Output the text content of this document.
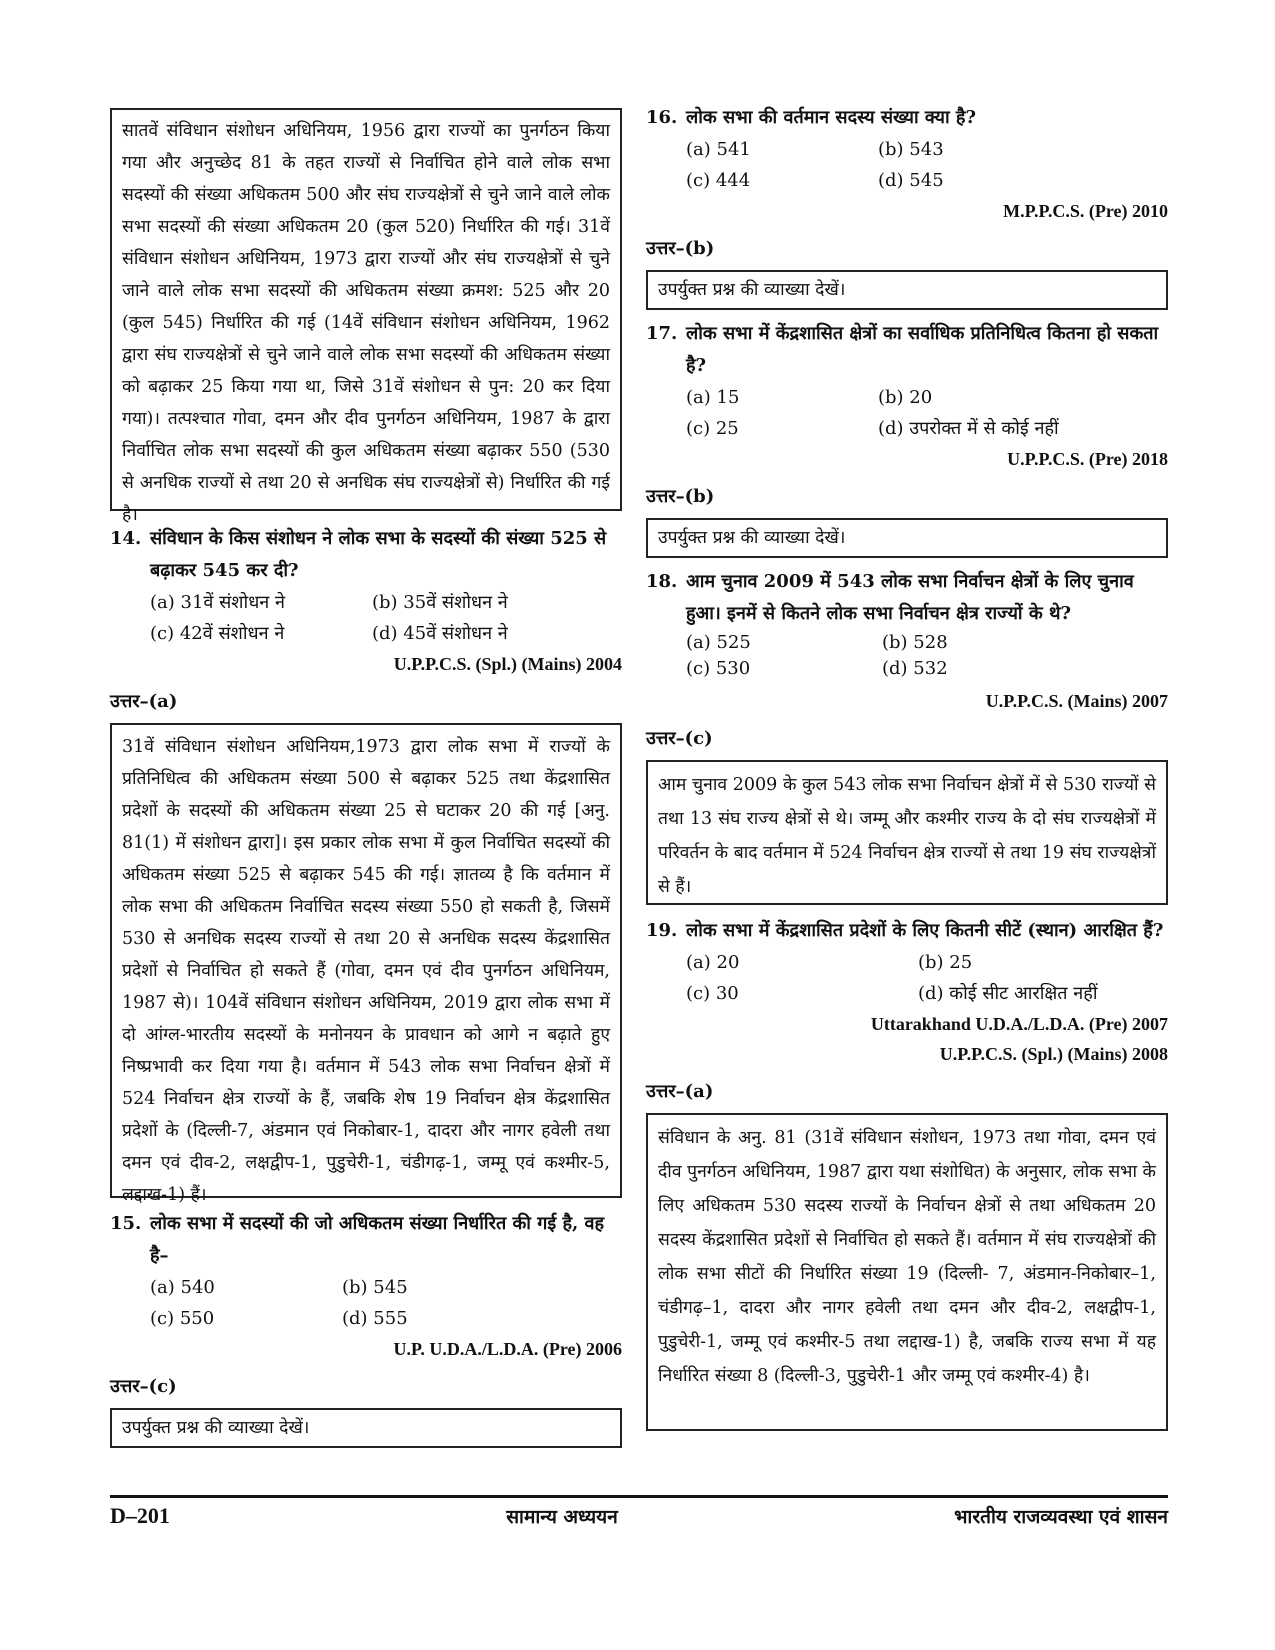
सातवें संविधान संशोधन अधिनियम, 1956 द्वारा राज्यों का पुनर्गठन किया गया और अनुच्छेद 81 के तहत राज्यों से निर्वाचित होने वाले लोक सभा सदस्यों की संख्या अधिकतम 500 और संघ राज्यक्षेत्रों से चुने जाने वाले लोक सभा सदस्यों की संख्या अधिकतम 20 (कुल 520) निर्धारित की गई। 31वें संविधान संशोधन अधिनियम, 1973 द्वारा राज्यों और संघ राज्यक्षेत्रों से चुने जाने वाले लोक सभा सदस्यों की अधिकतम संख्या क्रमश: 525 और 20 (कुल 545) निर्धारित की गई (14वें संविधान संशोधन अधिनियम, 1962 द्वारा संघ राज्यक्षेत्रों से चुने जाने वाले लोक सभा सदस्यों की अधिकतम संख्या को बढ़ाकर 25 किया गया था, जिसे 31वें संशोधन से पुन: 20 कर दिया गया)। तत्पश्चात गोवा, दमन और दीव पुनर्गठन अधिनियम, 1987 के द्वारा निर्वाचित लोक सभा सदस्यों की कुल अधिकतम संख्या बढ़ाकर 550 (530 से अनधिक राज्यों से तथा 20 से अनधिक संघ राज्यक्षेत्रों से) निर्धारित की गई है।
14. संविधान के किस संशोधन ने लोक सभा के सदस्यों की संख्या 525 से बढ़ाकर 545 कर दी?
(a) 31वें संशोधन ने	(b) 35वें संशोधन ने
(c) 42वें संशोधन ने	(d) 45वें संशोधन ने
U.P.P.C.S. (Spl.) (Mains) 2004
उत्तर–(a)
31वें संविधान संशोधन अधिनियम,1973 द्वारा लोक सभा में राज्यों के प्रतिनिधित्व की अधिकतम संख्या 500 से बढ़ाकर 525 तथा केंद्रशासित प्रदेशों के सदस्यों की अधिकतम संख्या 25 से घटाकर 20 की गई [अनु. 81(1) में संशोधन द्वारा]। इस प्रकार लोक सभा में कुल निर्वाचित सदस्यों की अधिकतम संख्या 525 से बढ़ाकर 545 की गई। ज्ञातव्य है कि वर्तमान में लोक सभा की अधिकतम निर्वाचित सदस्य संख्या 550 हो सकती है, जिसमें 530 से अनधिक सदस्य राज्यों से तथा 20 से अनधिक सदस्य केंद्रशासित प्रदेशों से निर्वाचित हो सकते हैं (गोवा, दमन एवं दीव पुनर्गठन अधिनियम, 1987 से)। 104वें संविधान संशोधन अधिनियम, 2019 द्वारा लोक सभा में दो आंग्ल-भारतीय सदस्यों के मनोनयन के प्रावधान को आगे न बढ़ाते हुए निष्प्रभावी कर दिया गया है। वर्तमान में 543 लोक सभा निर्वाचन क्षेत्रों में 524 निर्वाचन क्षेत्र राज्यों के हैं, जबकि शेष 19 निर्वाचन क्षेत्र केंद्रशासित प्रदेशों के (दिल्ली-7, अंडमान एवं निकोबार-1, दादरा और नागर हवेली तथा दमन एवं दीव-2, लक्षद्वीप-1, पुडुचेरी-1, चंडीगढ़-1, जम्मू एवं कश्मीर-5, लद्दाख-1) हैं।
15. लोक सभा में सदस्यों की जो अधिकतम संख्या निर्धारित की गई है, वह है–
(a) 540	(b) 545
(c) 550	(d) 555
U.P. U.D.A./L.D.A. (Pre) 2006
उत्तर–(c)
उपर्युक्त प्रश्न की व्याख्या देखें।
16. लोक सभा की वर्तमान सदस्य संख्या क्या है?
(a) 541	(b) 543
(c) 444	(d) 545
M.P.P.C.S. (Pre) 2010
उत्तर–(b)
उपर्युक्त प्रश्न की व्याख्या देखें।
17. लोक सभा में केंद्रशासित क्षेत्रों का सर्वाधिक प्रतिनिधित्व कितना हो सकता है?
(a) 15	(b) 20
(c) 25	(d) उपरोक्त में से कोई नहीं
U.P.P.C.S. (Pre) 2018
उत्तर–(b)
उपर्युक्त प्रश्न की व्याख्या देखें।
18. आम चुनाव 2009 में 543 लोक सभा निर्वाचन क्षेत्रों के लिए चुनाव हुआ। इनमें से कितने लोक सभा निर्वाचन क्षेत्र राज्यों के थे?
(a) 525	(b) 528
(c) 530	(d) 532
U.P.P.C.S. (Mains) 2007
उत्तर–(c)
आम चुनाव 2009 के कुल 543 लोक सभा निर्वाचन क्षेत्रों में से 530 राज्यों से तथा 13 संघ राज्य क्षेत्रों से थे। जम्मू और कश्मीर राज्य के दो संघ राज्यक्षेत्रों में परिवर्तन के बाद वर्तमान में 524 निर्वाचन क्षेत्र राज्यों से तथा 19 संघ राज्यक्षेत्रों से हैं।
19. लोक सभा में केंद्रशासित प्रदेशों के लिए कितनी सीटें (स्थान) आरक्षित हैं?
(a) 20	(b) 25
(c) 30	(d) कोई सीट आरक्षित नहीं
Uttarakhand U.D.A./L.D.A. (Pre) 2007
U.P.P.C.S. (Spl.) (Mains) 2008
उत्तर–(a)
संविधान के अनु. 81 (31वें संविधान संशोधन, 1973 तथा गोवा, दमन एवं दीव पुनर्गठन अधिनियम, 1987 द्वारा यथा संशोधित) के अनुसार, लोक सभा के लिए अधिकतम 530 सदस्य राज्यों के निर्वाचन क्षेत्रों से तथा अधिकतम 20 सदस्य केंद्रशासित प्रदेशों से निर्वाचित हो सकते हैं। वर्तमान में संघ राज्यक्षेत्रों की लोक सभा सीटों की निर्धारित संख्या 19 (दिल्ली- 7, अंडमान-निकोबार–1, चंडीगढ़–1, दादरा और नागर हवेली तथा दमन और दीव-2, लक्षद्वीप-1, पुडुचेरी-1, जम्मू एवं कश्मीर-5 तथा लद्दाख-1) है, जबकि राज्य सभा में यह निर्धारित संख्या 8 (दिल्ली-3, पुडुचेरी-1 और जम्मू एवं कश्मीर-4) है।
D–201	सामान्य अध्ययन	भारतीय राजव्यवस्था एवं शासन
